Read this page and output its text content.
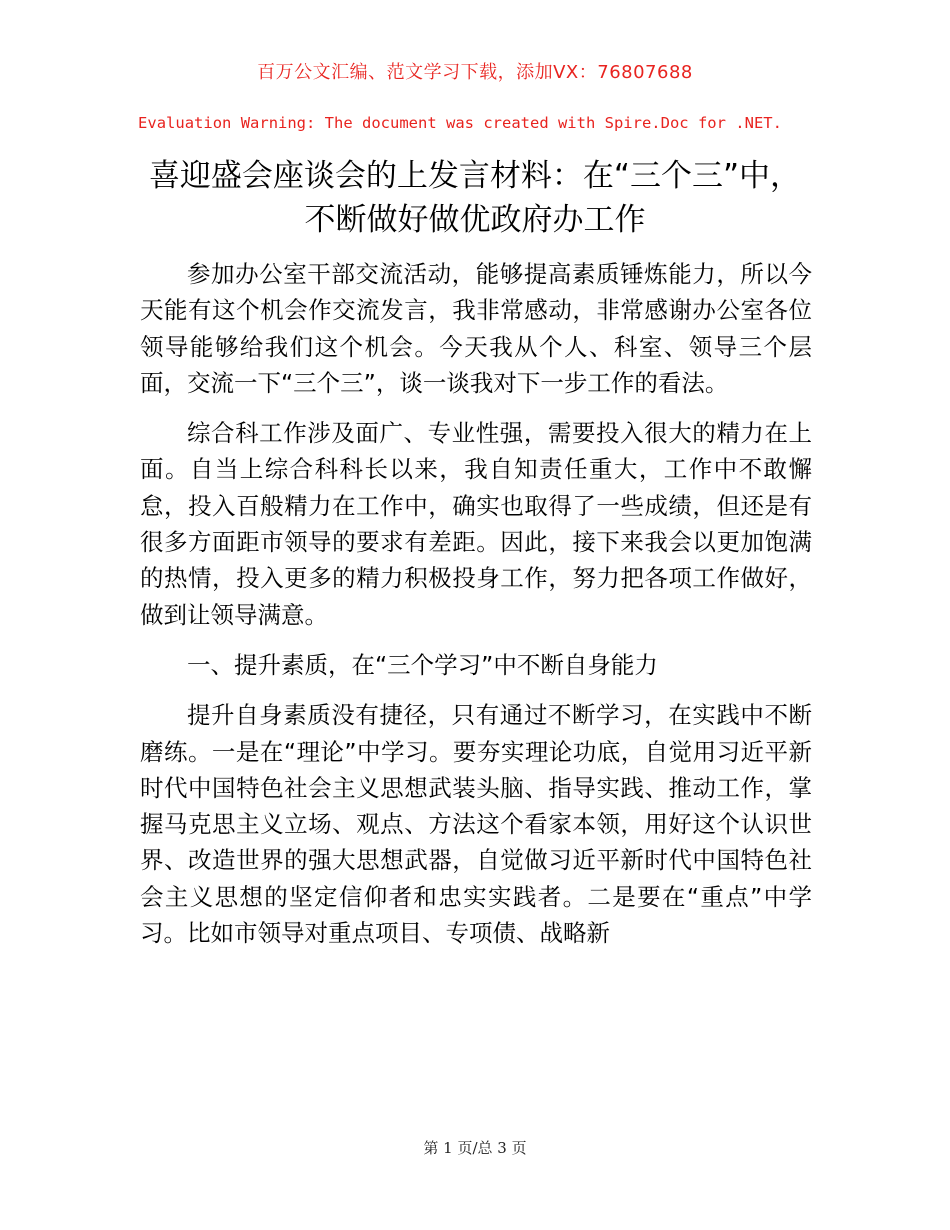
百万公文汇编、范文学习下载，添加VX：76807688
Evaluation Warning: The document was created with Spire.Doc for .NET.
喜迎盛会座谈会的上发言材料：在“三个三”中，不断做好做优政府办工作

参加办公室干部交流活动，能够提高素质锤炼能力，所以今天能有这个机会作交流发言，我非常感动，非常感谢办公室各位领导能够给我们这个机会。今天我从个人、科室、领导三个层面，交流一下“三个三”，谈一谈我对下一步工作的看法。

综合科工作涉及面广、专业性强，需要投入很大的精力在上面。自当上综合科科长以来，我自知责任重大，工作中不敢懈怠，投入百般精力在工作中，确实也取得了一些成绩，但还是有很多方面距市领导的要求有差距。因此，接下来我会以更加饱满的热情，投入更多的精力积极投身工作，努力把各项工作做好，做到让领导满意。

一、提升素质，在“三个学习”中不断自身能力

提升自身素质没有捷径，只有通过不断学习，在实践中不断磨练。一是在“理论”中学习。要夯实理论功底，自觉用习近平新时代中国特色社会主义思想武装头脑、指导实践、推动工作，掌握马克思主义立场、观点、方法这个看家本领，用好这个认识世界、改造世界的强大思想武器，自觉做习近平新时代中国特色社会主义思想的坚定信仰者和忠实实践者。二是要在“重点”中学习。比如市领导对重点项目、专项债、战略新

第 1 页/总 3 页
